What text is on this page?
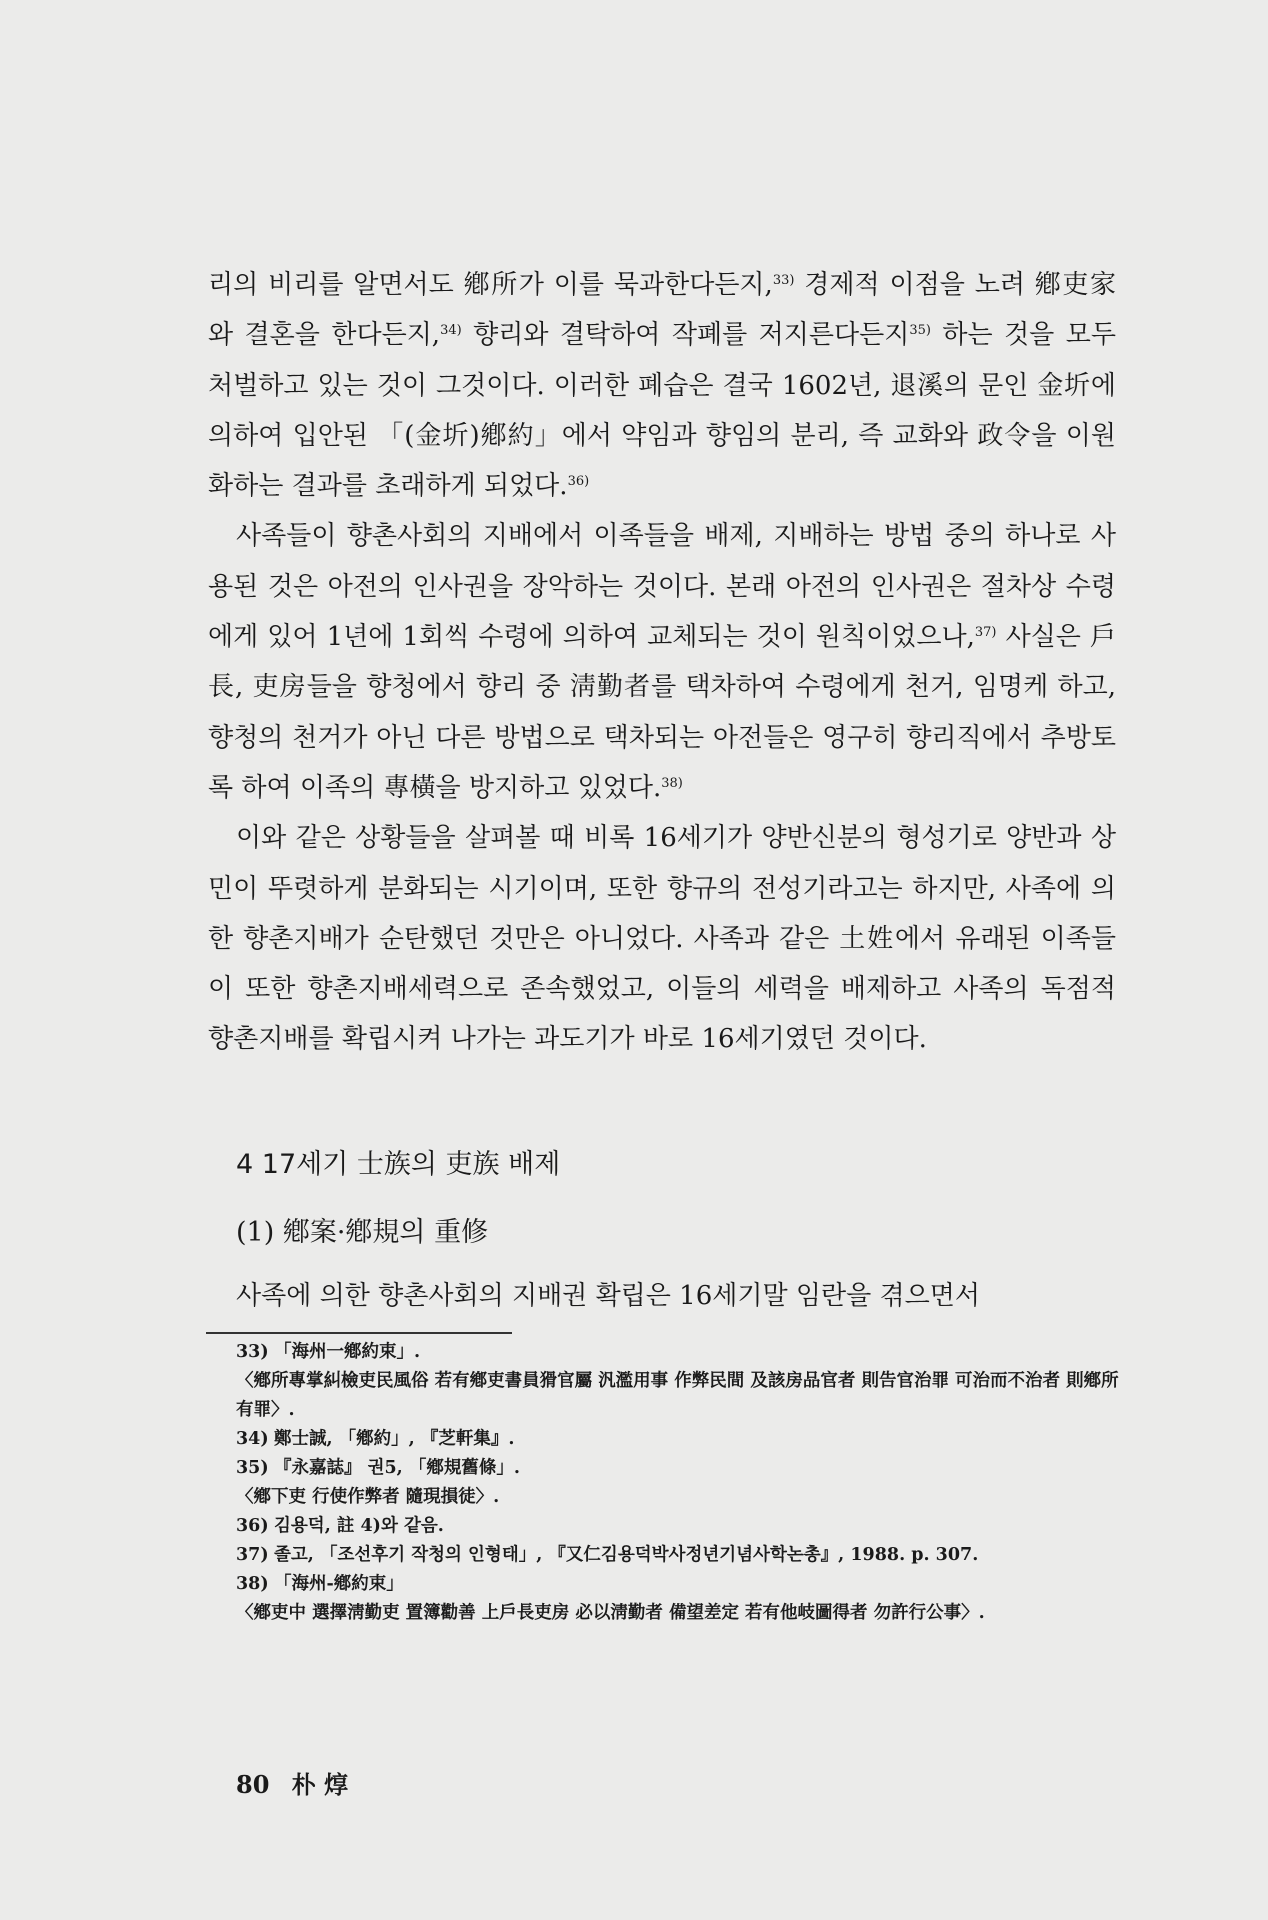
리의 비리를 알면서도 鄕所가 이를 묵과한다든지,$^{33)}$ 경제적 이점을 노려 鄕吏家와 결혼을 한다든지,$^{34)}$ 향리와 결탁하여 작폐를 저지른다든지$^{35)}$ 하는 것을 모두 처벌하고 있는 것이 그것이다. 이러한 폐습은 결국 1602년, 退溪의 문인 金圻에 의하여 입안된 「(金圻)鄕約」에서 약임과 향임의 분리, 즉 교화와 政令을 이원화하는 결과를 초래하게 되었다.$^{36)}$

사족들이 향촌사회의 지배에서 이족들을 배제, 지배하는 방법 중의 하나로 사용된 것은 아전의 인사권을 장악하는 것이다. 본래 아전의 인사권은 절차상 수령에게 있어 1년에 1회씩 수령에 의하여 교체되는 것이 원칙이었으나,$^{37)}$ 사실은 戶長, 吏房들을 향청에서 향리 중 淸勤者를 택차하여 수령에게 천거, 임명케 하고, 향청의 천거가 아닌 다른 방법으로 택차되는 아전들은 영구히 향리직에서 추방토록 하여 이족의 專橫을 방지하고 있었다.$^{38)}$

이와 같은 상황들을 살펴볼 때 비록 16세기가 양반신분의 형성기로 양반과 상민이 뚜렷하게 분화되는 시기이며, 또한 향규의 전성기라고는 하지만, 사족에 의한 향촌지배가 순탄했던 것만은 아니었다. 사족과 같은 土姓에서 유래된 이족들이 또한 향촌지배세력으로 존속했었고, 이들의 세력을 배제하고 사족의 독점적 향촌지배를 확립시켜 나가는 과도기가 바로 16세기였던 것이다.

4 17세기 士族의 吏族 배제
(1) 鄕案·鄕規의 重修
사족에 의한 향촌사회의 지배권 확립은 16세기말 임란을 겪으면서
33) 「海州一鄕約束」.
〈鄕所專掌糾檢吏民風俗 若有鄕吏書員猾官屬 汎濫用事 作弊民間 及該房品官者 則告官治罪 可治而不治者 則鄕所有罪〉.
34) 鄭士誠, 「鄕約」, 『芝軒集』.
35) 『永嘉誌』 권5, 「鄕規舊條」.
〈鄕下吏 行使作弊者 隨現損徒〉.
36) 김용덕, 註 4)와 같음.
37) 졸고, 「조선후기 작청의 인형태」, 『又仁김용덕박사정년기념사학논총』, 1988. p. 307.
38) 「海州-鄕約束」
〈鄕吏中 選擇淸勤吏 置簿勸善 上戶長吏房 必以淸勤者 備望差定 若有他岐圖得者 勿許行公事〉.
80 朴 焞
